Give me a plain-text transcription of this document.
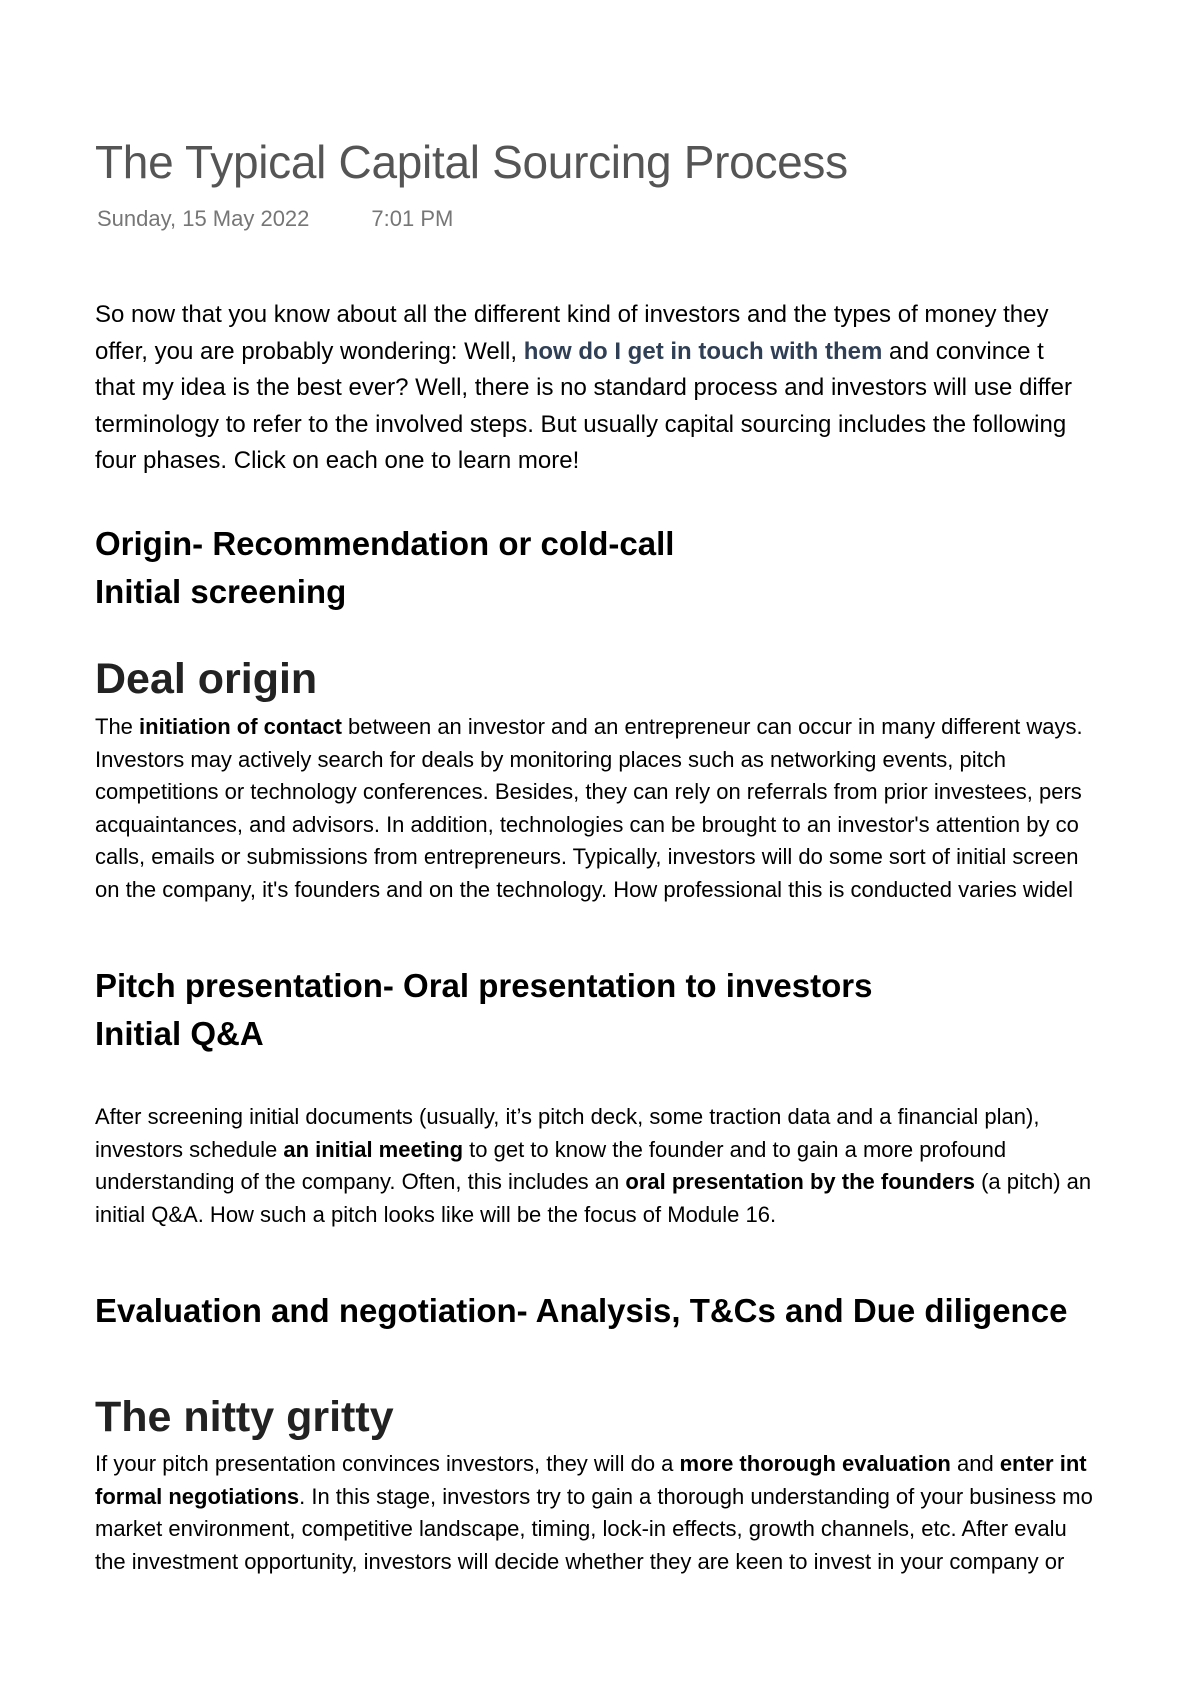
The Typical Capital Sourcing Process
Sunday, 15 May 2022	7:01 PM
So now that you know about all the different kind of investors and the types of money they
offer, you are probably wondering: Well, how do I get in touch with them and convince t
that my idea is the best ever? Well, there is no standard process and investors will use differ
terminology to refer to the involved steps. But usually capital sourcing includes the following
four phases. Click on each one to learn more!
Origin- Recommendation or cold-call
Initial screening
Deal origin
The initiation of contact between an investor and an entrepreneur can occur in many different ways.
Investors may actively search for deals by monitoring places such as networking events, pitch
competitions or technology conferences. Besides, they can rely on referrals from prior investees, pers
acquaintances, and advisors. In addition, technologies can be brought to an investor's attention by co
calls, emails or submissions from entrepreneurs. Typically, investors will do some sort of initial screen
on the company, it's founders and on the technology. How professional this is conducted varies widel
Pitch presentation- Oral presentation to investors
Initial Q&A
After screening initial documents (usually, it’s pitch deck, some traction data and a financial plan),
investors schedule an initial meeting to get to know the founder and to gain a more profound
understanding of the company. Often, this includes an oral presentation by the founders (a pitch) an
initial Q&A. How such a pitch looks like will be the focus of Module 16.
Evaluation and negotiation- Analysis, T&Cs and Due diligence
The nitty gritty
If your pitch presentation convinces investors, they will do a more thorough evaluation and enter int
formal negotiations. In this stage, investors try to gain a thorough understanding of your business mo
market environment, competitive landscape, timing, lock-in effects, growth channels, etc. After evalu
the investment opportunity, investors will decide whether they are keen to invest in your company or
